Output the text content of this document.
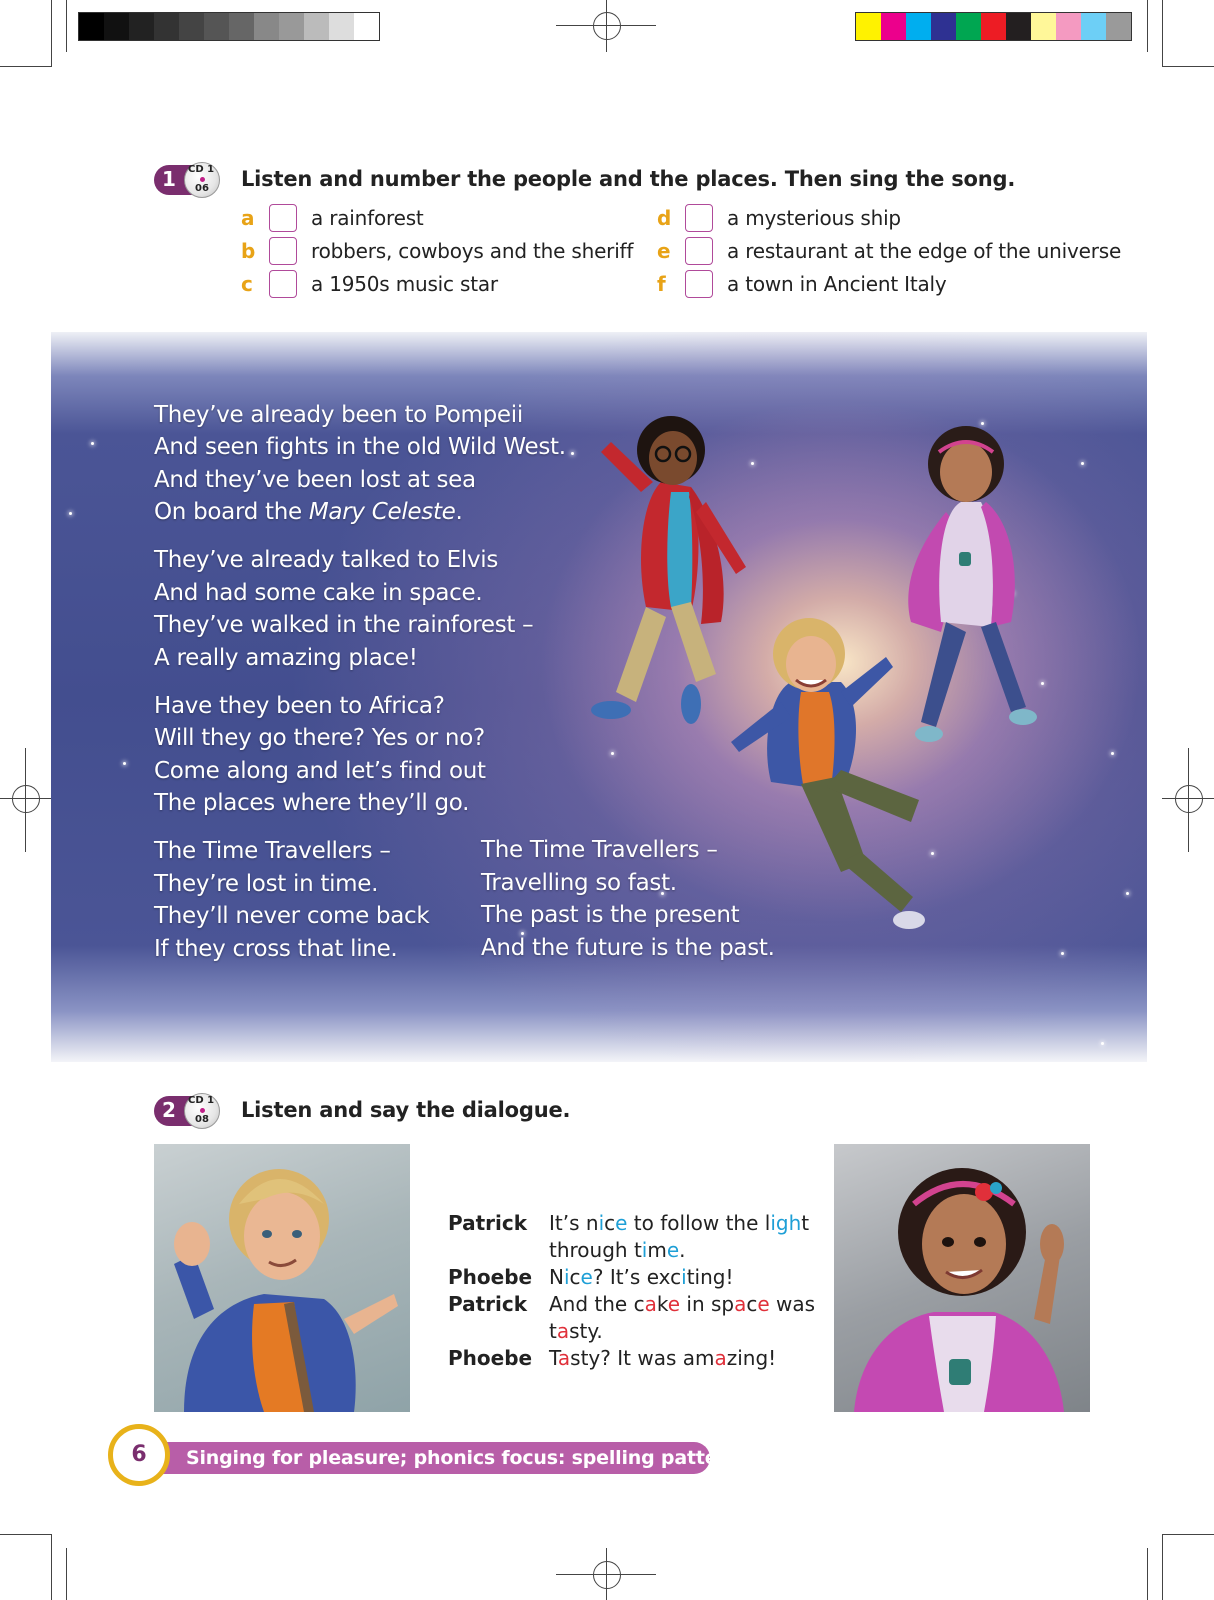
1 CD 1
06 Listen and number the people and the places. Then sing the song.
a	a rainforest
b	robbers, cowboys and the sheriff
c	a 1950s music star
d	a mysterious ship
e	a restaurant at the edge of the universe
f	a town in Ancient Italy
They’ve already been to Pompeii
And seen fights in the old Wild West.
And they’ve been lost at sea
On board the Mary Celeste.
They’ve already talked to Elvis
And had some cake in space.
They’ve walked in the rainforest –
A really amazing place!
Have they been to Africa?
Will they go there? Yes or no?
Come along and let’s find out
The places where they’ll go.
The Time Travellers –
They’re lost in time.
They’ll never come back
If they cross that line.
The Time Travellers –
Travelling so fast.
The past is the present
And the future is the past.
2 CD 1
08 Listen and say the dialogue.
Patrick It’s nice to follow the light
through time.
Phoebe Nice? It’s exciting!
Patrick And the cake in space was
tasty.
Phoebe Tasty? It was amazing!
Singing for pleasure; phonics focus: spelling patterns
6
